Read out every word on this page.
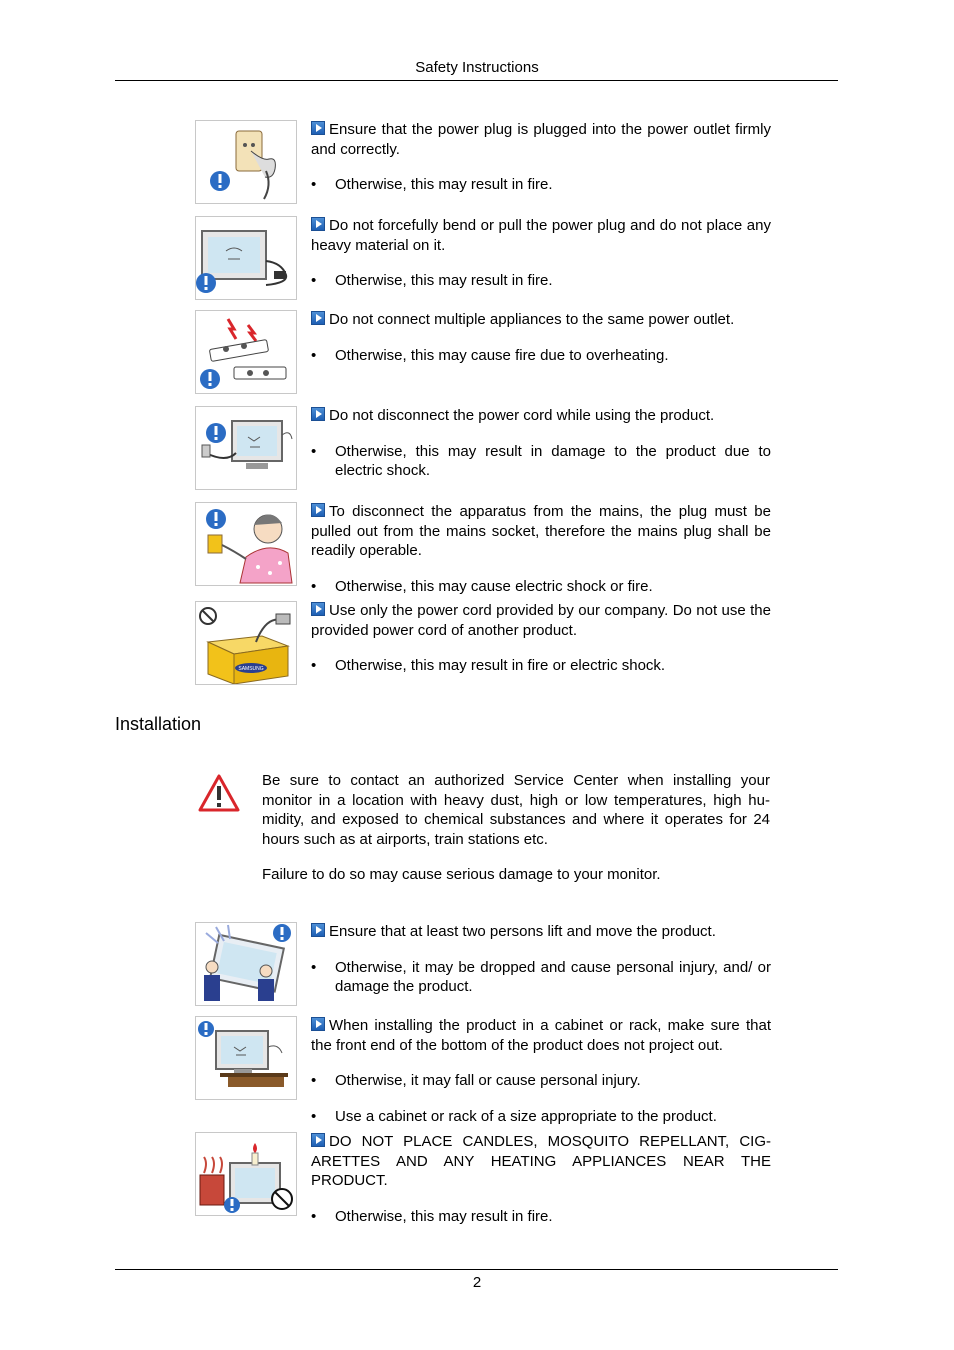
Safety Instructions

Ensure that the power plug is plugged into the power outlet firmly and correctly.

• Otherwise, this may result in fire.

Do not forcefully bend or pull the power plug and do not place any heavy material on it.

• Otherwise, this may result in fire.

Do not connect multiple appliances to the same power outlet.

• Otherwise, this may cause fire due to overheating.

Do not disconnect the power cord while using the product.

• Otherwise, this may result in damage to the product due to electric shock.

To disconnect the apparatus from the mains, the plug must be pulled out from the mains socket, therefore the mains plug shall be readily operable.

• Otherwise, this may cause electric shock or fire.
SAMSUNG

Use only the power cord provided by our company. Do not use the provided power cord of another product.

• Otherwise, this may result in fire or electric shock.
Installation

Be sure to contact an authorized Service Center when installing your monitor in a location with heavy dust, high or low temperatures, high hu-midity, and exposed to chemical substances and where it operates for 24 hours such as at airports, train stations etc.

Failure to do so may cause serious damage to your monitor.

Ensure that at least two persons lift and move the product.

• Otherwise, it may be dropped and cause personal injury, and/ or damage the product.

When installing the product in a cabinet or rack, make sure that the front end of the bottom of the product does not project out.

• Otherwise, it may fall or cause personal injury.
• Use a cabinet or rack of a size appropriate to the product.

DO NOT PLACE CANDLES, MOSQUITO REPELLANT, CIG-ARETTES AND ANY HEATING APPLIANCES NEAR THE PRODUCT.

• Otherwise, this may result in fire.
2
